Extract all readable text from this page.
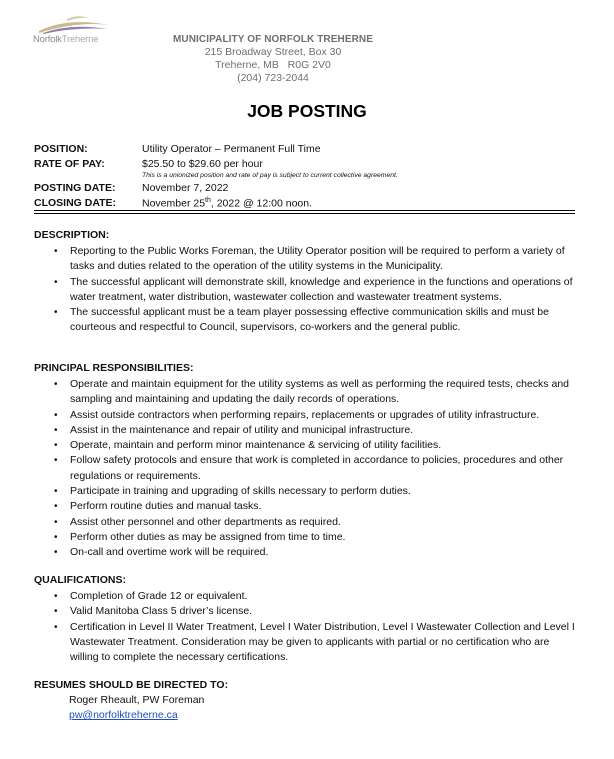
NorfolkTreherne	MUNICIPALITY OF NORFOLK TREHERNE
215 Broadway Street, Box 30
Treherne, MB   R0G 2V0
(204) 723-2044
JOB POSTING
POSITION:	Utility Operator – Permanent Full Time
RATE OF PAY:	$25.50 to $29.60 per hour
This is a unionized position and rate of pay is subject to current collective agreement.
POSTING DATE:	November 7, 2022
CLOSING DATE:	November 25th, 2022 @ 12:00 noon.
DESCRIPTION:
• Reporting to the Public Works Foreman, the Utility Operator position will be required to perform a variety of tasks and duties related to the operation of the utility systems in the Municipality.
• The successful applicant will demonstrate skill, knowledge and experience in the functions and operations of water treatment, water distribution, wastewater collection and wastewater treatment systems.
• The successful applicant must be a team player possessing effective communication skills and must be courteous and respectful to Council, supervisors, co-workers and the general public.
PRINCIPAL RESPONSIBILITIES:
• Operate and maintain equipment for the utility systems as well as performing the required tests, checks and sampling and maintaining and updating the daily records of operations.
• Assist outside contractors when performing repairs, replacements or upgrades of utility infrastructure.
• Assist in the maintenance and repair of utility and municipal infrastructure.
• Operate, maintain and perform minor maintenance & servicing of utility facilities.
• Follow safety protocols and ensure that work is completed in accordance to policies, procedures and other regulations or requirements.
• Participate in training and upgrading of skills necessary to perform duties.
• Perform routine duties and manual tasks.
• Assist other personnel and other departments as required.
• Perform other duties as may be assigned from time to time.
• On-call and overtime work will be required.
QUALIFICATIONS:
• Completion of Grade 12 or equivalent.
• Valid Manitoba Class 5 driver’s license.
• Certification in Level II Water Treatment, Level I Water Distribution, Level I Wastewater Collection and Level I Wastewater Treatment. Consideration may be given to applicants with partial or no certification who are willing to complete the necessary certifications.
RESUMES SHOULD BE DIRECTED TO:
Roger Rheault, PW Foreman
pw@norfolktreherne.ca
